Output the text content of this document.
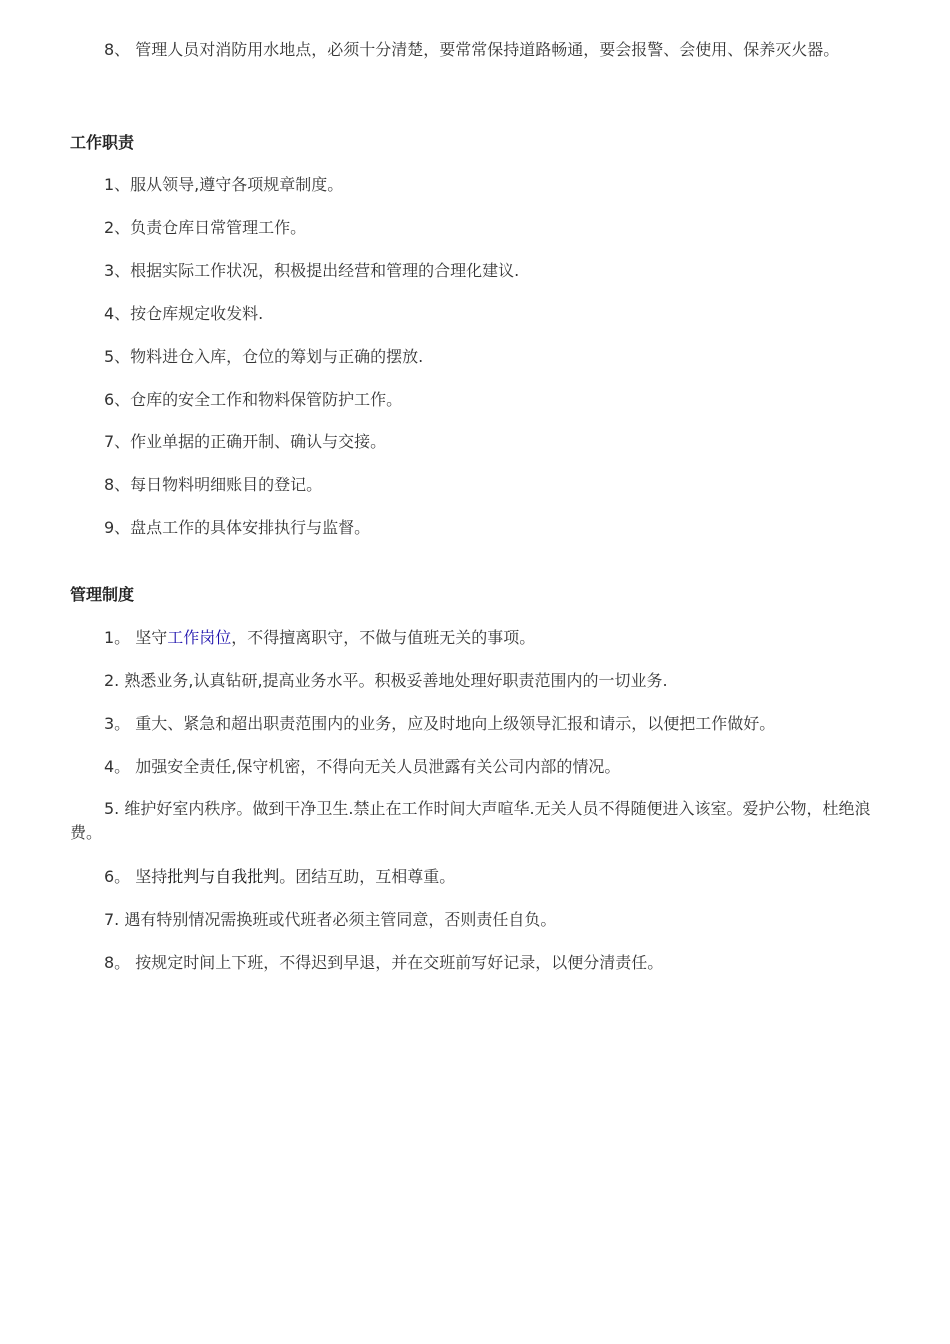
8、 管理人员对消防用水地点，必须十分清楚，要常常保持道路畅通，要会报警、会使用、保养灭火器。

工作职责

1、服从领导,遵守各项规章制度。

2、负责仓库日常管理工作。

3、根据实际工作状况，积极提出经营和管理的合理化建议.

4、按仓库规定收发料.

5、物料进仓入库，仓位的筹划与正确的摆放.

6、仓库的安全工作和物料保管防护工作。

7、作业单据的正确开制、确认与交接。

8、每日物料明细账目的登记。

9、盘点工作的具体安排执行与监督。

管理制度

1。 坚守工作岗位，不得擅离职守，不做与值班无关的事项。

2. 熟悉业务,认真钻研,提高业务水平。积极妥善地处理好职责范围内的一切业务.

3。 重大、紧急和超出职责范围内的业务，应及时地向上级领导汇报和请示，以便把工作做好。

4。 加强安全责任,保守机密，不得向无关人员泄露有关公司内部的情况。

5. 维护好室内秩序。做到干净卫生.禁止在工作时间大声喧华.无关人员不得随便进入该室。爱护公物，杜绝浪费。

6。 坚持批判与自我批判。团结互助，互相尊重。

7. 遇有特别情况需换班或代班者必须主管同意，否则责任自负。

8。 按规定时间上下班，不得迟到早退，并在交班前写好记录，以便分清责任。
